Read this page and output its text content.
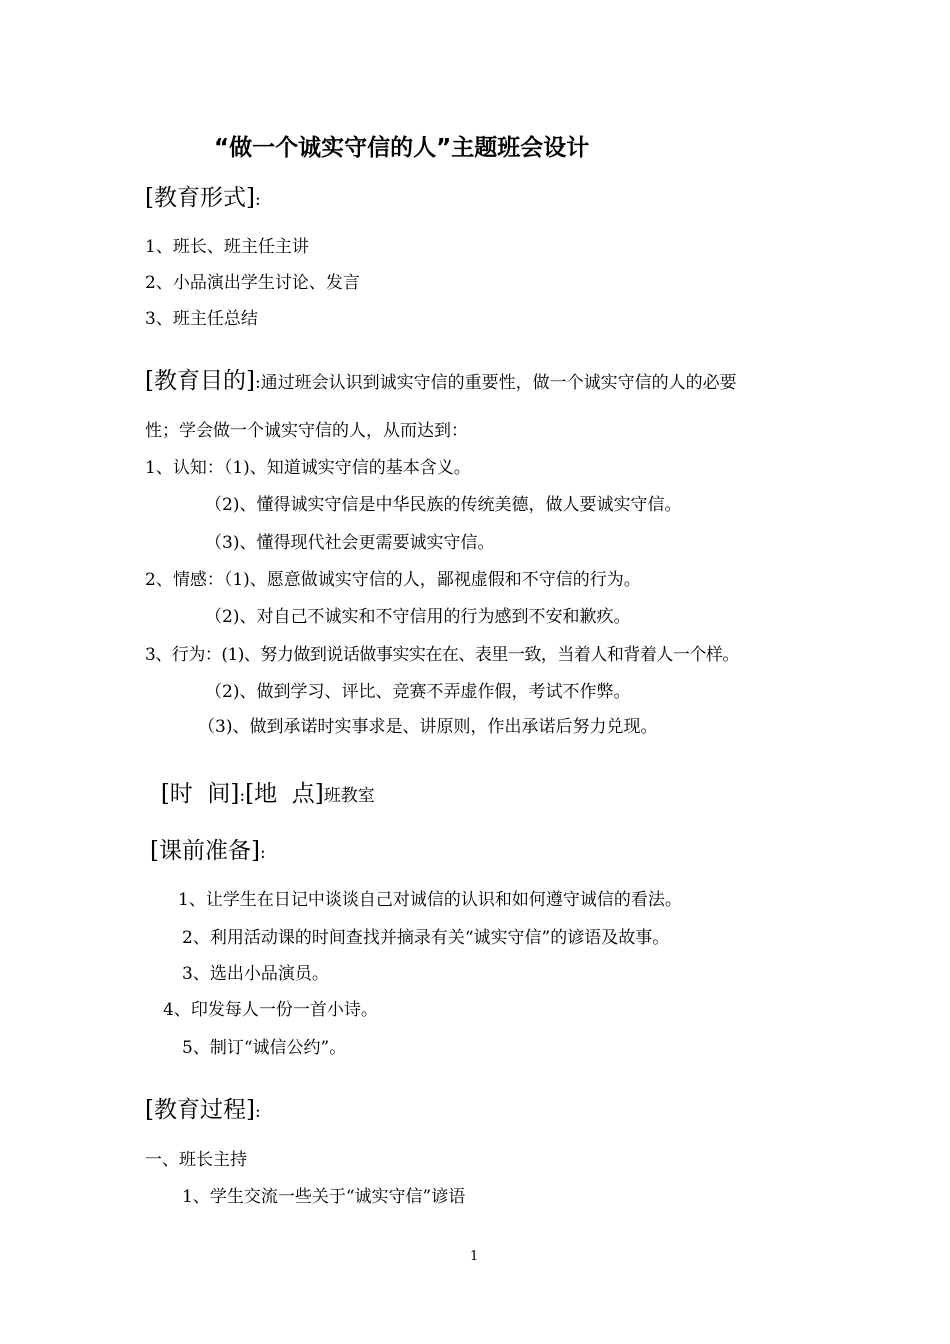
“做一个诚实守信的人”主题班会设计
[教育形式]:
1、班长、班主任主讲
2、小品演出学生讨论、发言
3、班主任总结
[教育目的]:通过班会认识到诚实守信的重要性，做一个诚实守信的人的必要
性；学会做一个诚实守信的人，从而达到：
1、认知：（1)、知道诚实守信的基本含义。
（2)、懂得诚实守信是中华民族的传统美德，做人要诚实守信。
（3)、懂得现代社会更需要诚实守信。
2、情感：（1)、愿意做诚实守信的人，鄙视虚假和不守信的行为。
（2)、对自己不诚实和不守信用的行为感到不安和歉疚。
3、行为：(1)、努力做到说话做事实实在在、表里一致，当着人和背着人一个样。
（2)、做到学习、评比、竞赛不弄虚作假，考试不作弊。
（3)、做到承诺时实事求是、讲原则，作出承诺后努力兑现。

[时  间]:[地  点]班教室

[课前准备]:
1、让学生在日记中谈谈自己对诚信的认识和如何遵守诚信的看法。
2、利用活动课的时间查找并摘录有关“诚实守信”的谚语及故事。
3、选出小品演员。
4、印发每人一份一首小诗。
5、制订“诚信公约”。
[教育过程]:
一、班长主持
1、学生交流一些关于“诚实守信”谚语
1
